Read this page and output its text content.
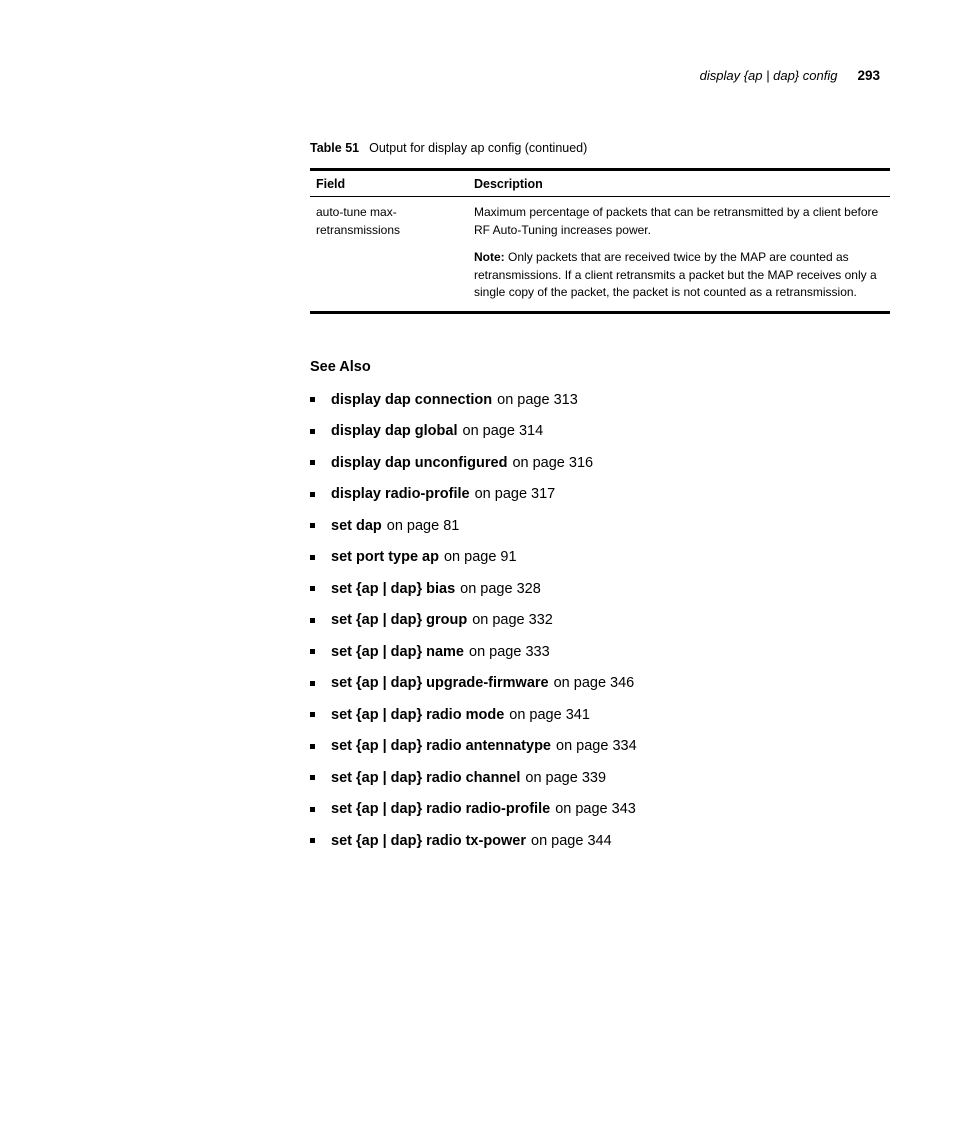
display {ap | dap} config 293

Table 51 Output for display ap config (continued)

Field	Description
auto-tune max-retransmissions	Maximum percentage of packets that can be retransmitted by a client before RF Auto-Tuning increases power.

Note: Only packets that are received twice by the MAP are counted as retransmissions. If a client retransmits a packet but the MAP receives only a single copy of the packet, the packet is not counted as a retransmission.

See Also
display dap connection on page 313
display dap global on page 314
display dap unconfigured on page 316
display radio-profile on page 317
set dap on page 81
set port type ap on page 91
set {ap | dap} bias on page 328
set {ap | dap} group on page 332
set {ap | dap} name on page 333
set {ap | dap} upgrade-firmware on page 346
set {ap | dap} radio mode on page 341
set {ap | dap} radio antennatype on page 334
set {ap | dap} radio channel on page 339
set {ap | dap} radio radio-profile on page 343
set {ap | dap} radio tx-power on page 344
